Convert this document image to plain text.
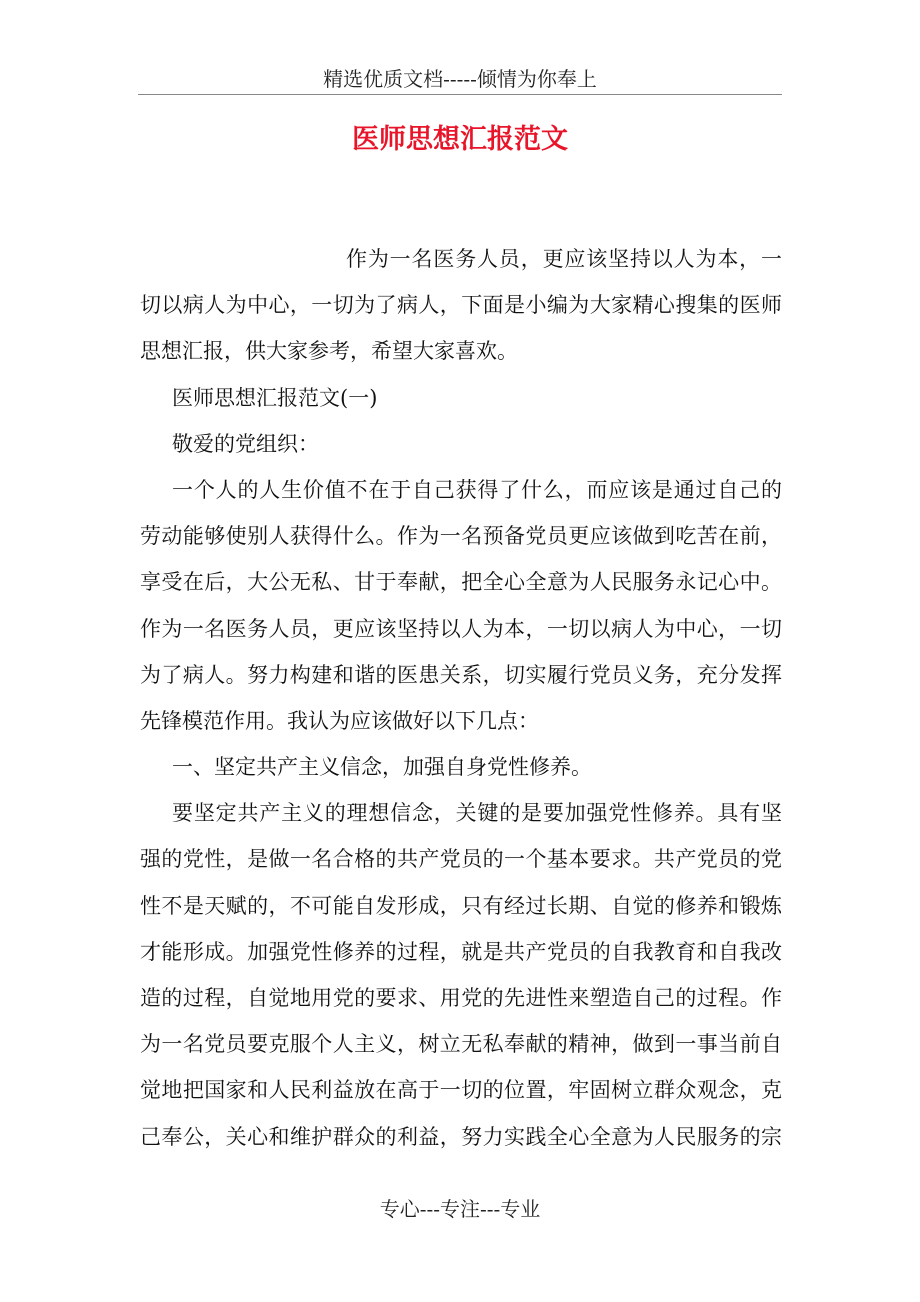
精选优质文档-----倾情为你奉上
医师思想汇报范文
作为一名医务人员，更应该坚持以人为本，一
切以病人为中心，一切为了病人，下面是小编为大家精心搜集的医师
思想汇报，供大家参考，希望大家喜欢。
医师思想汇报范文(一)
敬爱的党组织：
一个人的人生价值不在于自己获得了什么，而应该是通过自己的
劳动能够使别人获得什么。作为一名预备党员更应该做到吃苦在前，
享受在后，大公无私、甘于奉献，把全心全意为人民服务永记心中。
作为一名医务人员，更应该坚持以人为本，一切以病人为中心，一切
为了病人。努力构建和谐的医患关系，切实履行党员义务，充分发挥
先锋模范作用。我认为应该做好以下几点：
一、坚定共产主义信念，加强自身党性修养。
要坚定共产主义的理想信念，关键的是要加强党性修养。具有坚
强的党性，是做一名合格的共产党员的一个基本要求。共产党员的党
性不是天赋的，不可能自发形成，只有经过长期、自觉的修养和锻炼
才能形成。加强党性修养的过程，就是共产党员的自我教育和自我改
造的过程，自觉地用党的要求、用党的先进性来塑造自己的过程。作
为一名党员要克服个人主义，树立无私奉献的精神，做到一事当前自
觉地把国家和人民利益放在高于一切的位置，牢固树立群众观念，克
己奉公，关心和维护群众的利益，努力实践全心全意为人民服务的宗
专心---专注---专业
